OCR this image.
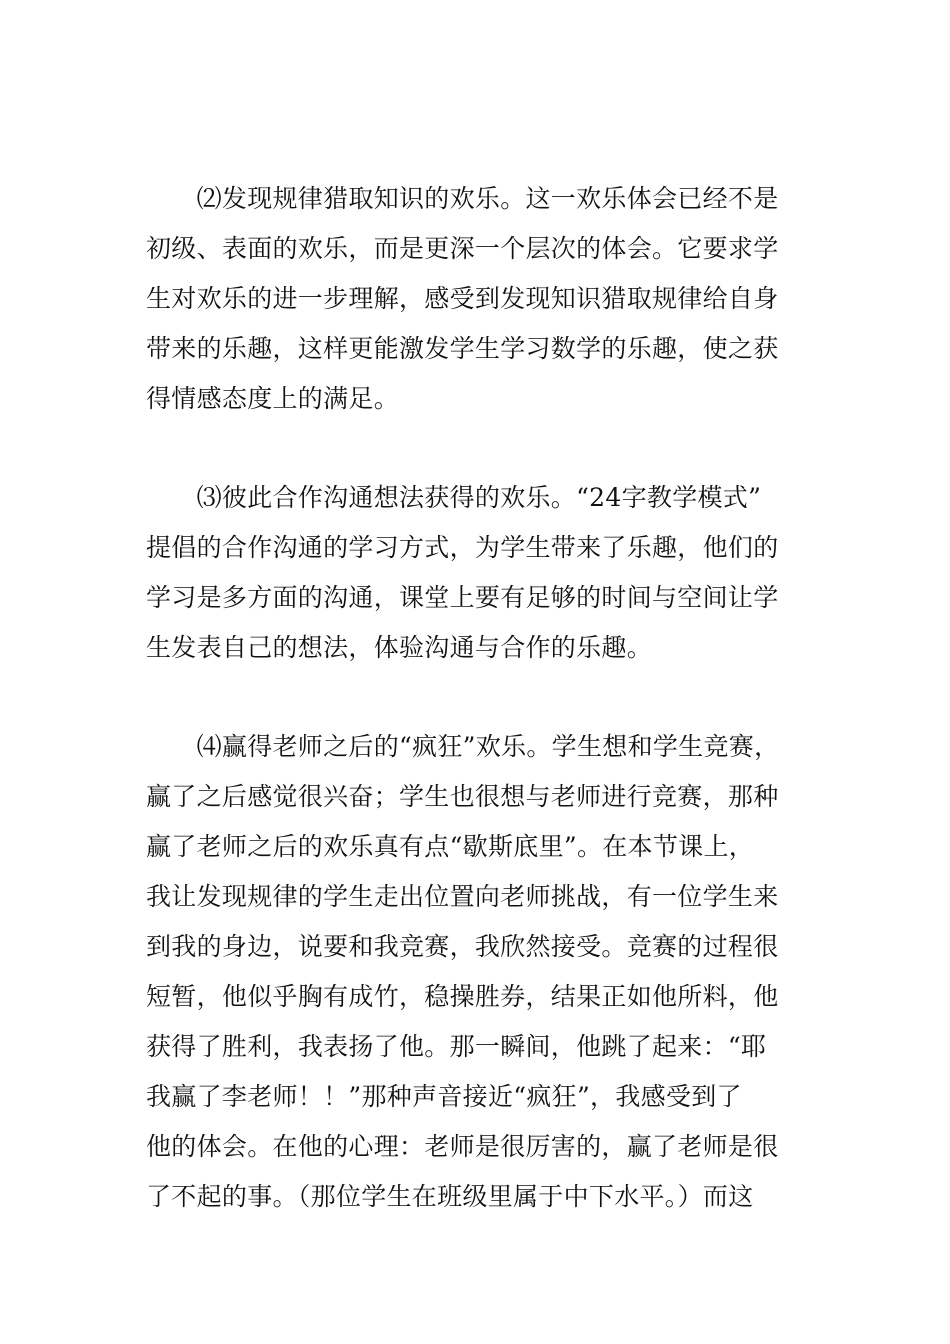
　　⑵发现规律猎取知识的欢乐。这一欢乐体会已经不是
初级、表面的欢乐，而是更深一个层次的体会。它要求学
生对欢乐的进一步理解，感受到发现知识猎取规律给自身
带来的乐趣，这样更能激发学生学习数学的乐趣，使之获
得情感态度上的满足。
　　⑶彼此合作沟通想法获得的欢乐。“24字教学模式”
提倡的合作沟通的学习方式，为学生带来了乐趣，他们的
学习是多方面的沟通，课堂上要有足够的时间与空间让学
生发表自己的想法，体验沟通与合作的乐趣。
　　⑷赢得老师之后的“疯狂”欢乐。学生想和学生竞赛，
赢了之后感觉很兴奋；学生也很想与老师进行竞赛，那种
赢了老师之后的欢乐真有点“歇斯底里”。在本节课上，
我让发现规律的学生走出位置向老师挑战，有一位学生来
到我的身边，说要和我竞赛，我欣然接受。竞赛的过程很
短暂，他似乎胸有成竹，稳操胜券，结果正如他所料，他
获得了胜利，我表扬了他。那一瞬间，他跳了起来：“耶
我赢了李老师！！”那种声音接近“疯狂”，我感受到了
他的体会。在他的心理：老师是很厉害的，赢了老师是很
了不起的事。（那位学生在班级里属于中下水平。）而这
